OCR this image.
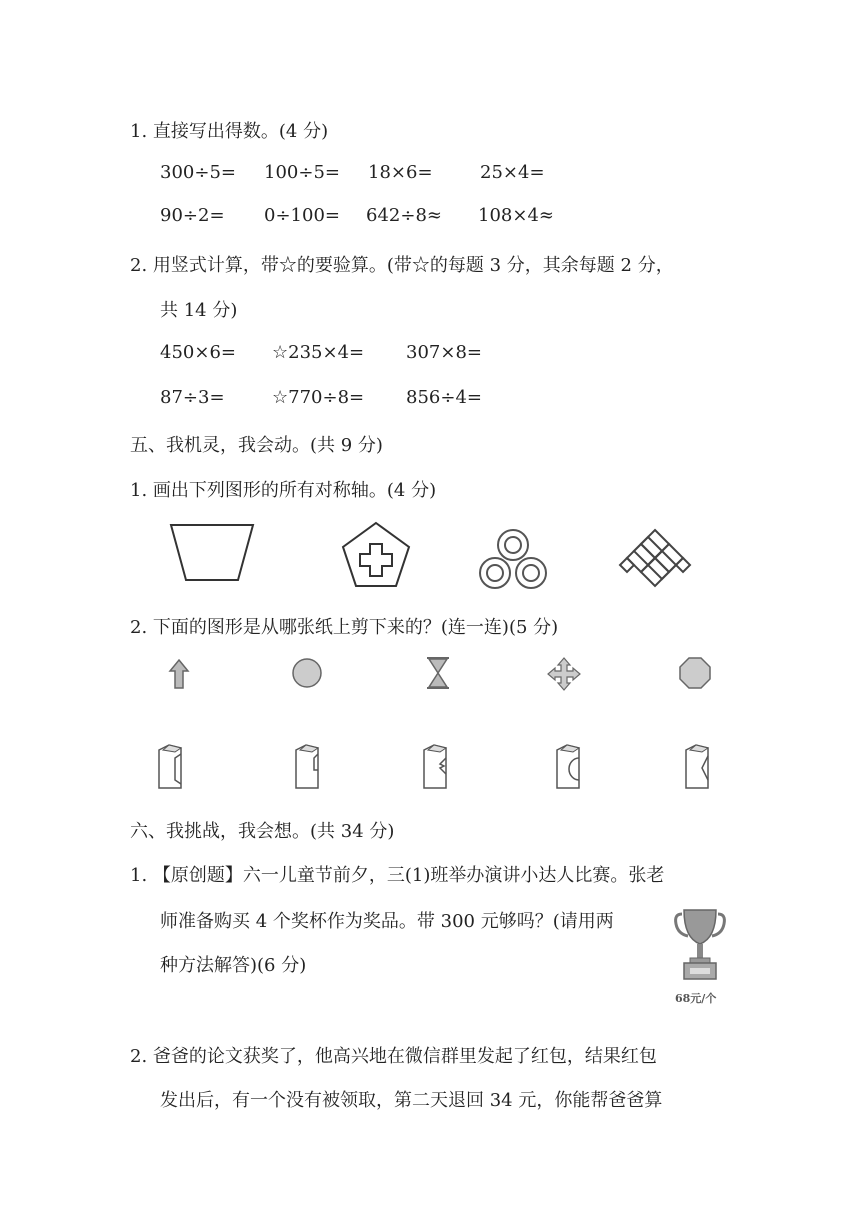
1. 直接写出得数。(4 分)
300÷5= 100÷5= 18×6=	25×4=
90÷2= 0÷100= 642÷8≈ 108×4≈
2. 用竖式计算，带☆的要验算。(带☆的每题 3 分，其余每题 2 分，
共 14 分)
450×6= ☆235×4= 307×8=
87÷3=	☆770÷8= 856÷4=
五、我机灵，我会动。(共 9 分)
1. 画出下列图形的所有对称轴。(4 分)
2. 下面的图形是从哪张纸上剪下来的？(连一连)(5 分)
六、我挑战，我会想。(共 34 分)
1. 【原创题】六一儿童节前夕，三(1)班举办演讲小达人比赛。张老
师准备购买 4 个奖杯作为奖品。带 300 元够吗？(请用两
种方法解答)(6 分)
68元/个
2. 爸爸的论文获奖了，他高兴地在微信群里发起了红包，结果红包
发出后，有一个没有被领取，第二天退回 34 元，你能帮爸爸算
